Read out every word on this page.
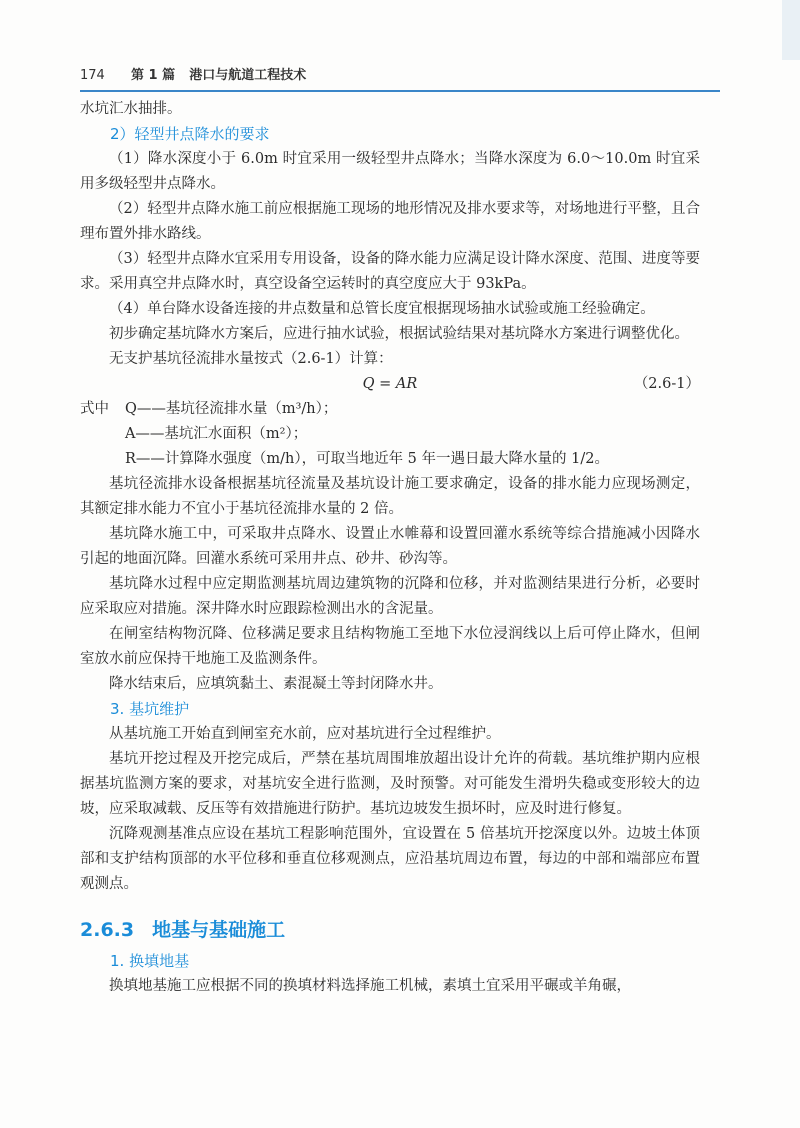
174 第 1 篇 港口与航道工程技术

水坑汇水抽排。

2）轻型井点降水的要求

（1）降水深度小于 6.0m 时宜采用一级轻型井点降水；当降水深度为 6.0～10.0m 时宜采用多级轻型井点降水。

（2）轻型井点降水施工前应根据施工现场的地形情况及排水要求等，对场地进行平整，且合理布置外排水路线。

（3）轻型井点降水宜采用专用设备，设备的降水能力应满足设计降水深度、范围、进度等要求。采用真空井点降水时，真空设备空运转时的真空度应大于 93kPa。

（4）单台降水设备连接的井点数量和总管长度宜根据现场抽水试验或施工经验确定。

初步确定基坑降水方案后，应进行抽水试验，根据试验结果对基坑降水方案进行调整优化。

无支护基坑径流排水量按式（2.6-1）计算：

Q = AR	（2.6-1）

式中 Q——基坑径流排水量（m³/h）；

A——基坑汇水面积（m²）；

R——计算降水强度（m/h），可取当地近年 5 年一遇日最大降水量的 1/2。

基坑径流排水设备根据基坑径流量及基坑设计施工要求确定，设备的排水能力应现场测定，其额定排水能力不宜小于基坑径流排水量的 2 倍。

基坑降水施工中，可采取井点降水、设置止水帷幕和设置回灌水系统等综合措施减小因降水引起的地面沉降。回灌水系统可采用井点、砂井、砂沟等。

基坑降水过程中应定期监测基坑周边建筑物的沉降和位移，并对监测结果进行分析，必要时应采取应对措施。深井降水时应跟踪检测出水的含泥量。

在闸室结构物沉降、位移满足要求且结构物施工至地下水位浸润线以上后可停止降水，但闸室放水前应保持干地施工及监测条件。

降水结束后，应填筑黏土、素混凝土等封闭降水井。

3. 基坑维护

从基坑施工开始直到闸室充水前，应对基坑进行全过程维护。

基坑开挖过程及开挖完成后，严禁在基坑周围堆放超出设计允许的荷载。基坑维护期内应根据基坑监测方案的要求，对基坑安全进行监测，及时预警。对可能发生滑坍失稳或变形较大的边坡，应采取减载、反压等有效措施进行防护。基坑边坡发生损坏时，应及时进行修复。

沉降观测基准点应设在基坑工程影响范围外，宜设置在 5 倍基坑开挖深度以外。边坡土体顶部和支护结构顶部的水平位移和垂直位移观测点，应沿基坑周边布置，每边的中部和端部应布置观测点。

2.6.3 地基与基础施工

1. 换填地基

换填地基施工应根据不同的换填材料选择施工机械，素填土宜采用平碾或羊角碾，
